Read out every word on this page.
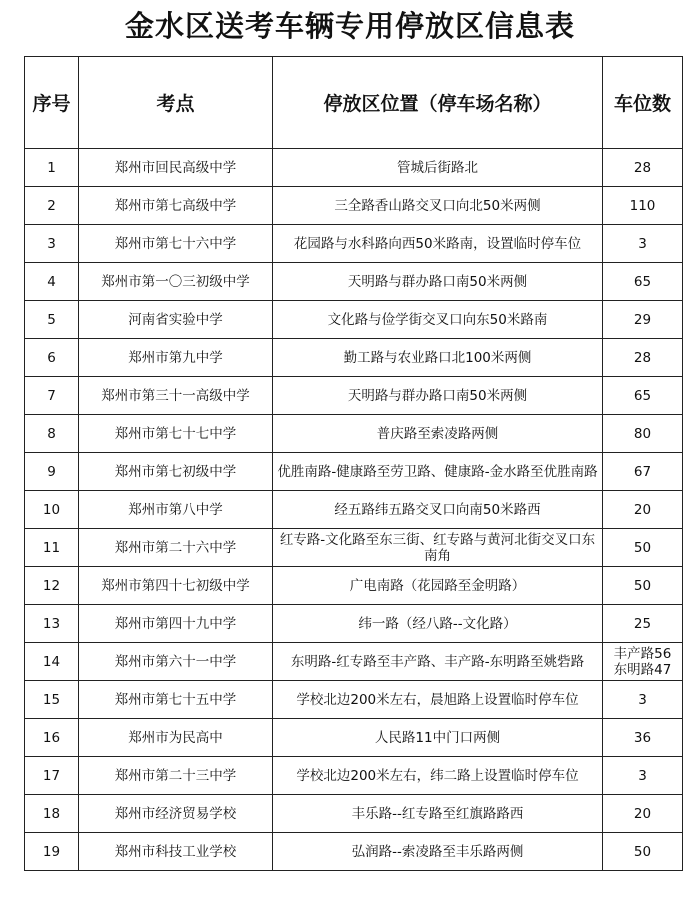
金水区送考车辆专用停放区信息表
序号	考点	停放区位置（停车场名称）	车位数
1	郑州市回民高级中学	管城后街路北	28
2	郑州市第七高级中学	三全路香山路交叉口向北50米两侧	110
3	郑州市第七十六中学	花园路与水科路向西50米路南，设置临时停车位	3
4	郑州市第一〇三初级中学	天明路与群办路口南50米两侧	65
5	河南省实验中学	文化路与俭学街交叉口向东50米路南	29
6	郑州市第九中学	勤工路与农业路口北100米两侧	28
7	郑州市第三十一高级中学	天明路与群办路口南50米两侧	65
8	郑州市第七十七中学	普庆路至索凌路两侧	80
9	郑州市第七初级中学	优胜南路-健康路至劳卫路、健康路-金水路至优胜南路	67
10	郑州市第八中学	经五路纬五路交叉口向南50米路西	20
11	郑州市第二十六中学	红专路-文化路至东三街、红专路与黄河北街交叉口东南角	50
12	郑州市第四十七初级中学	广电南路（花园路至金明路）	50
13	郑州市第四十九中学	纬一路（经八路--文化路）	25
14	郑州市第六十一中学	东明路-红专路至丰产路、丰产路-东明路至姚砦路	丰产路56 东明路47
15	郑州市第七十五中学	学校北边200米左右，晨旭路上设置临时停车位	3
16	郑州市为民高中	人民路11中门口两侧	36
17	郑州市第二十三中学	学校北边200米左右，纬二路上设置临时停车位	3
18	郑州市经济贸易学校	丰乐路--红专路至红旗路路西	20
19	郑州市科技工业学校	弘润路--索凌路至丰乐路两侧	50
